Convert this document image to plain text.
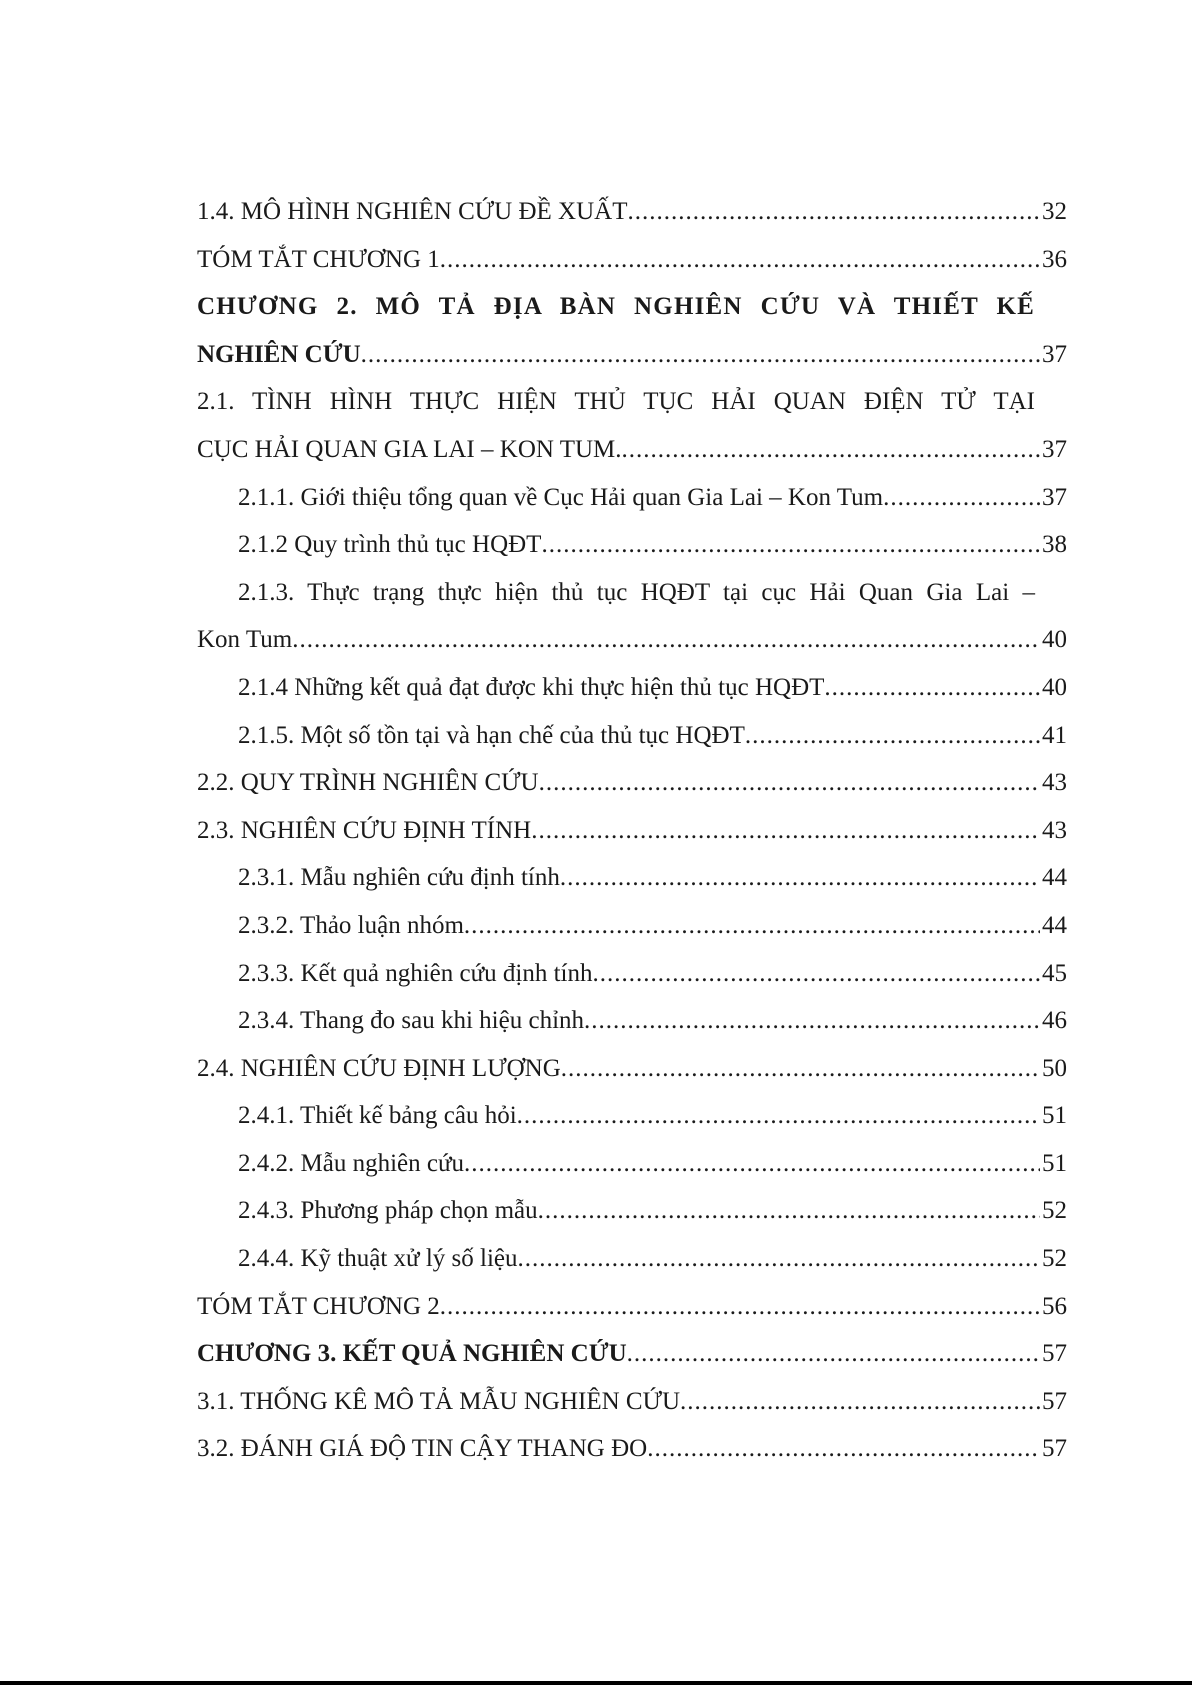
1.4. MÔ HÌNH NGHIÊN CỨU ĐỀ XUẤT .....	32
TÓM TẮT CHƯƠNG 1 .....	36
CHƯƠNG 2. MÔ TẢ ĐỊA BÀN NGHIÊN CỨU VÀ THIẾT KẾ
NGHIÊN CỨU .....	37
2.1. TÌNH HÌNH THỰC HIỆN THỦ TỤC HẢI QUAN ĐIỆN TỬ TẠI
CỤC HẢI QUAN GIA LAI – KON TUM. .....	37
2.1.1. Giới thiệu tổng quan về Cục Hải quan Gia Lai – Kon Tum .....	37
2.1.2 Quy trình thủ tục HQĐT .....	38
2.1.3. Thực trạng thực hiện thủ tục HQĐT tại cục Hải Quan Gia Lai –
Kon Tum .....	40
2.1.4 Những kết quả đạt được khi thực hiện thủ tục HQĐT .....	40
2.1.5. Một số tồn tại và hạn chế của thủ tục HQĐT .....	41
2.2. QUY TRÌNH NGHIÊN CỨU .....	43
2.3. NGHIÊN CỨU ĐỊNH TÍNH .....	43
2.3.1. Mẫu nghiên cứu định tính .....	44
2.3.2. Thảo luận nhóm .....	44
2.3.3. Kết quả nghiên cứu định tính .....	45
2.3.4. Thang đo sau khi hiệu chỉnh .....	46
2.4. NGHIÊN CỨU ĐỊNH LƯỢNG .....	50
2.4.1. Thiết kế bảng câu hỏi .....	51
2.4.2. Mẫu nghiên cứu .....	51
2.4.3. Phương pháp chọn mẫu .....	52
2.4.4. Kỹ thuật xử lý số liệu .....	52
TÓM TẮT CHƯƠNG 2 .....	56
CHƯƠNG 3. KẾT QUẢ NGHIÊN CỨU .....	57
3.1. THỐNG KÊ MÔ TẢ MẪU NGHIÊN CỨU .....	57
3.2. ĐÁNH GIÁ ĐỘ TIN CẬY THANG ĐO .....	57
